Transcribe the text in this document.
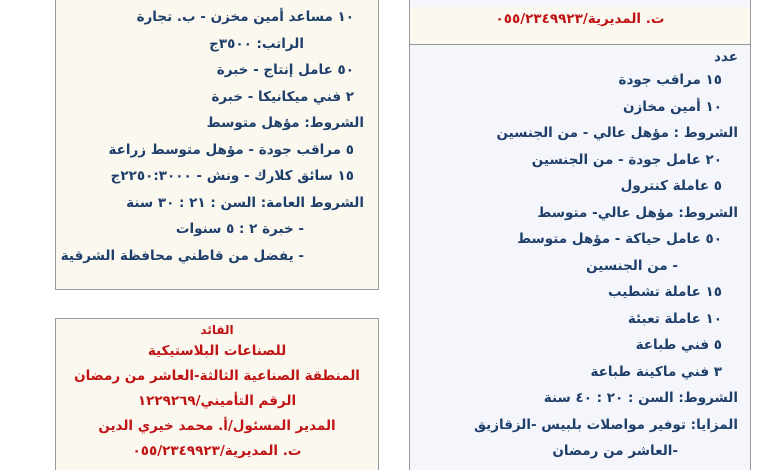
١٠ مساعد أمين مخزن - ب. تجارة
الراتب: ٣٥٠٠ج
٥٠ عامل إنتاج - خبرة
٢ فني ميكانيكا - خبرة
الشروط: مؤهل متوسط
٥ مراقب جودة - مؤهل متوسط زراعة
١٥ سائق كلارك - ونش - ٢٢٥٠:٣٠٠٠ج
الشروط العامة: السن : ٢١ : ٣٠ سنة
- خبرة ٢ : ٥ سنوات
- يفضل من قاطني محافظة الشرقية
القائد
للصناعات البلاستيكية
المنطقة الصناعية الثالثة-العاشر من رمضان
الرقم التأميني/١٢٢٩٢٦٩
المدير المسئول/أ. محمد خيري الدين
ت. المديرية/٠٥٥/٢٣٤٩٩٢٣
ت. المديرية/٠٥٥/٢٣٤٩٩٢٣
عدد
١٥ مراقب جودة
١٠ أمين مخازن
الشروط : مؤهل عالي - من الجنسين
٢٠ عامل جودة - من الجنسين
٥ عاملة كنترول
الشروط: مؤهل عالي- متوسط
٥٠ عامل حياكة - مؤهل متوسط
- من الجنسين
١٥ عاملة تشطيب
١٠ عاملة تعبئة
٥ فني طباعة
٣ فني ماكينة طباعة
الشروط: السن : ٢٠ : ٤٠ سنة
المزايا: توفير مواصلات بلبيس -الزقازيق
-العاشر من رمضان
